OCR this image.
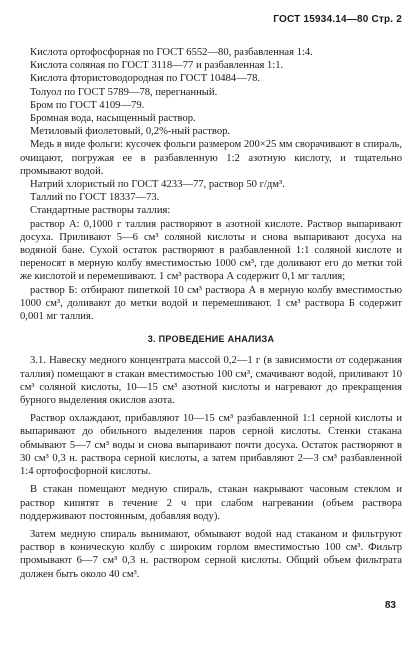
ГОСТ 15934.14—80 Стр. 2

Кислота ортофосфорная по ГОСТ 6552—80, разбавленная 1:4.

Кислота соляная по ГОСТ 3118—77 и разбавленная 1:1.

Кислота фтористоводородная по ГОСТ 10484—78.

Толуол по ГОСТ 5789—78, перегнанный.

Бром по ГОСТ 4109—79.

Бромная вода, насыщенный раствор.

Метиловый фиолетовый, 0,2%-ный раствор.

Медь в виде фольги: кусочек фольги размером 200×25 мм сворачивают в спираль, очищают, погружая ее в разбавленную 1:2 азотную кислоту, и тщательно промывают водой.

Натрий хлористый по ГОСТ 4233—77, раствор 50 г/дм³.

Таллий по ГОСТ 18337—73.

Стандартные растворы таллия:

раствор А: 0,1000 г таллия растворяют в азотной кислоте. Раствор выпаривают досуха. Приливают 5—6 см³ соляной кислоты и снова выпаривают досуха на водяной бане. Сухой остаток растворяют в разбавленной 1:1 соляной кислоте и переносят в мерную колбу вместимостью 1000 см³, где доливают его до метки той же кислотой и перемешивают. 1 см³ раствора А содержит 0,1 мг таллия;

раствор Б: отбирают пипеткой 10 см³ раствора А в мерную колбу вместимостью 1000 см³, доливают до метки водой и перемешивают. 1 см³ раствора Б содержит 0,001 мг таллия.

3. ПРОВЕДЕНИЕ АНАЛИЗА

3.1. Навеску медного концентрата массой 0,2—1 г (в зависимости от содержания таллия) помещают в стакан вместимостью 100 см³, смачивают водой, приливают 10 см³ соляной кислоты, 10—15 см³ азотной кислоты и нагревают до прекращения бурного выделения окислов азота.

Раствор охлаждают, прибавляют 10—15 см³ разбавленной 1:1 серной кислоты и выпаривают до обильного выделения паров серной кислоты. Стенки стакана обмывают 5—7 см³ воды и снова выпаривают почти досуха. Остаток растворяют в 30 см³ 0,3 н. раствора серной кислоты, а затем прибавляют 2—3 см³ разбавленной 1:4 ортофосфорной кислоты.

В стакан помещают медную спираль, стакан накрывают часовым стеклом и раствор кипятят в течение 2 ч при слабом нагревании (объем раствора поддерживают постоянным, добавляя воду).

Затем медную спираль вынимают, обмывают водой над стаканом и фильтруют раствор в коническую колбу с широким горлом вместимостью 100 см³. Фильтр промывают 6—7 см³ 0,3 н. раствором серной кислоты. Общий объем фильтрата должен быть около 40 см³.

83
